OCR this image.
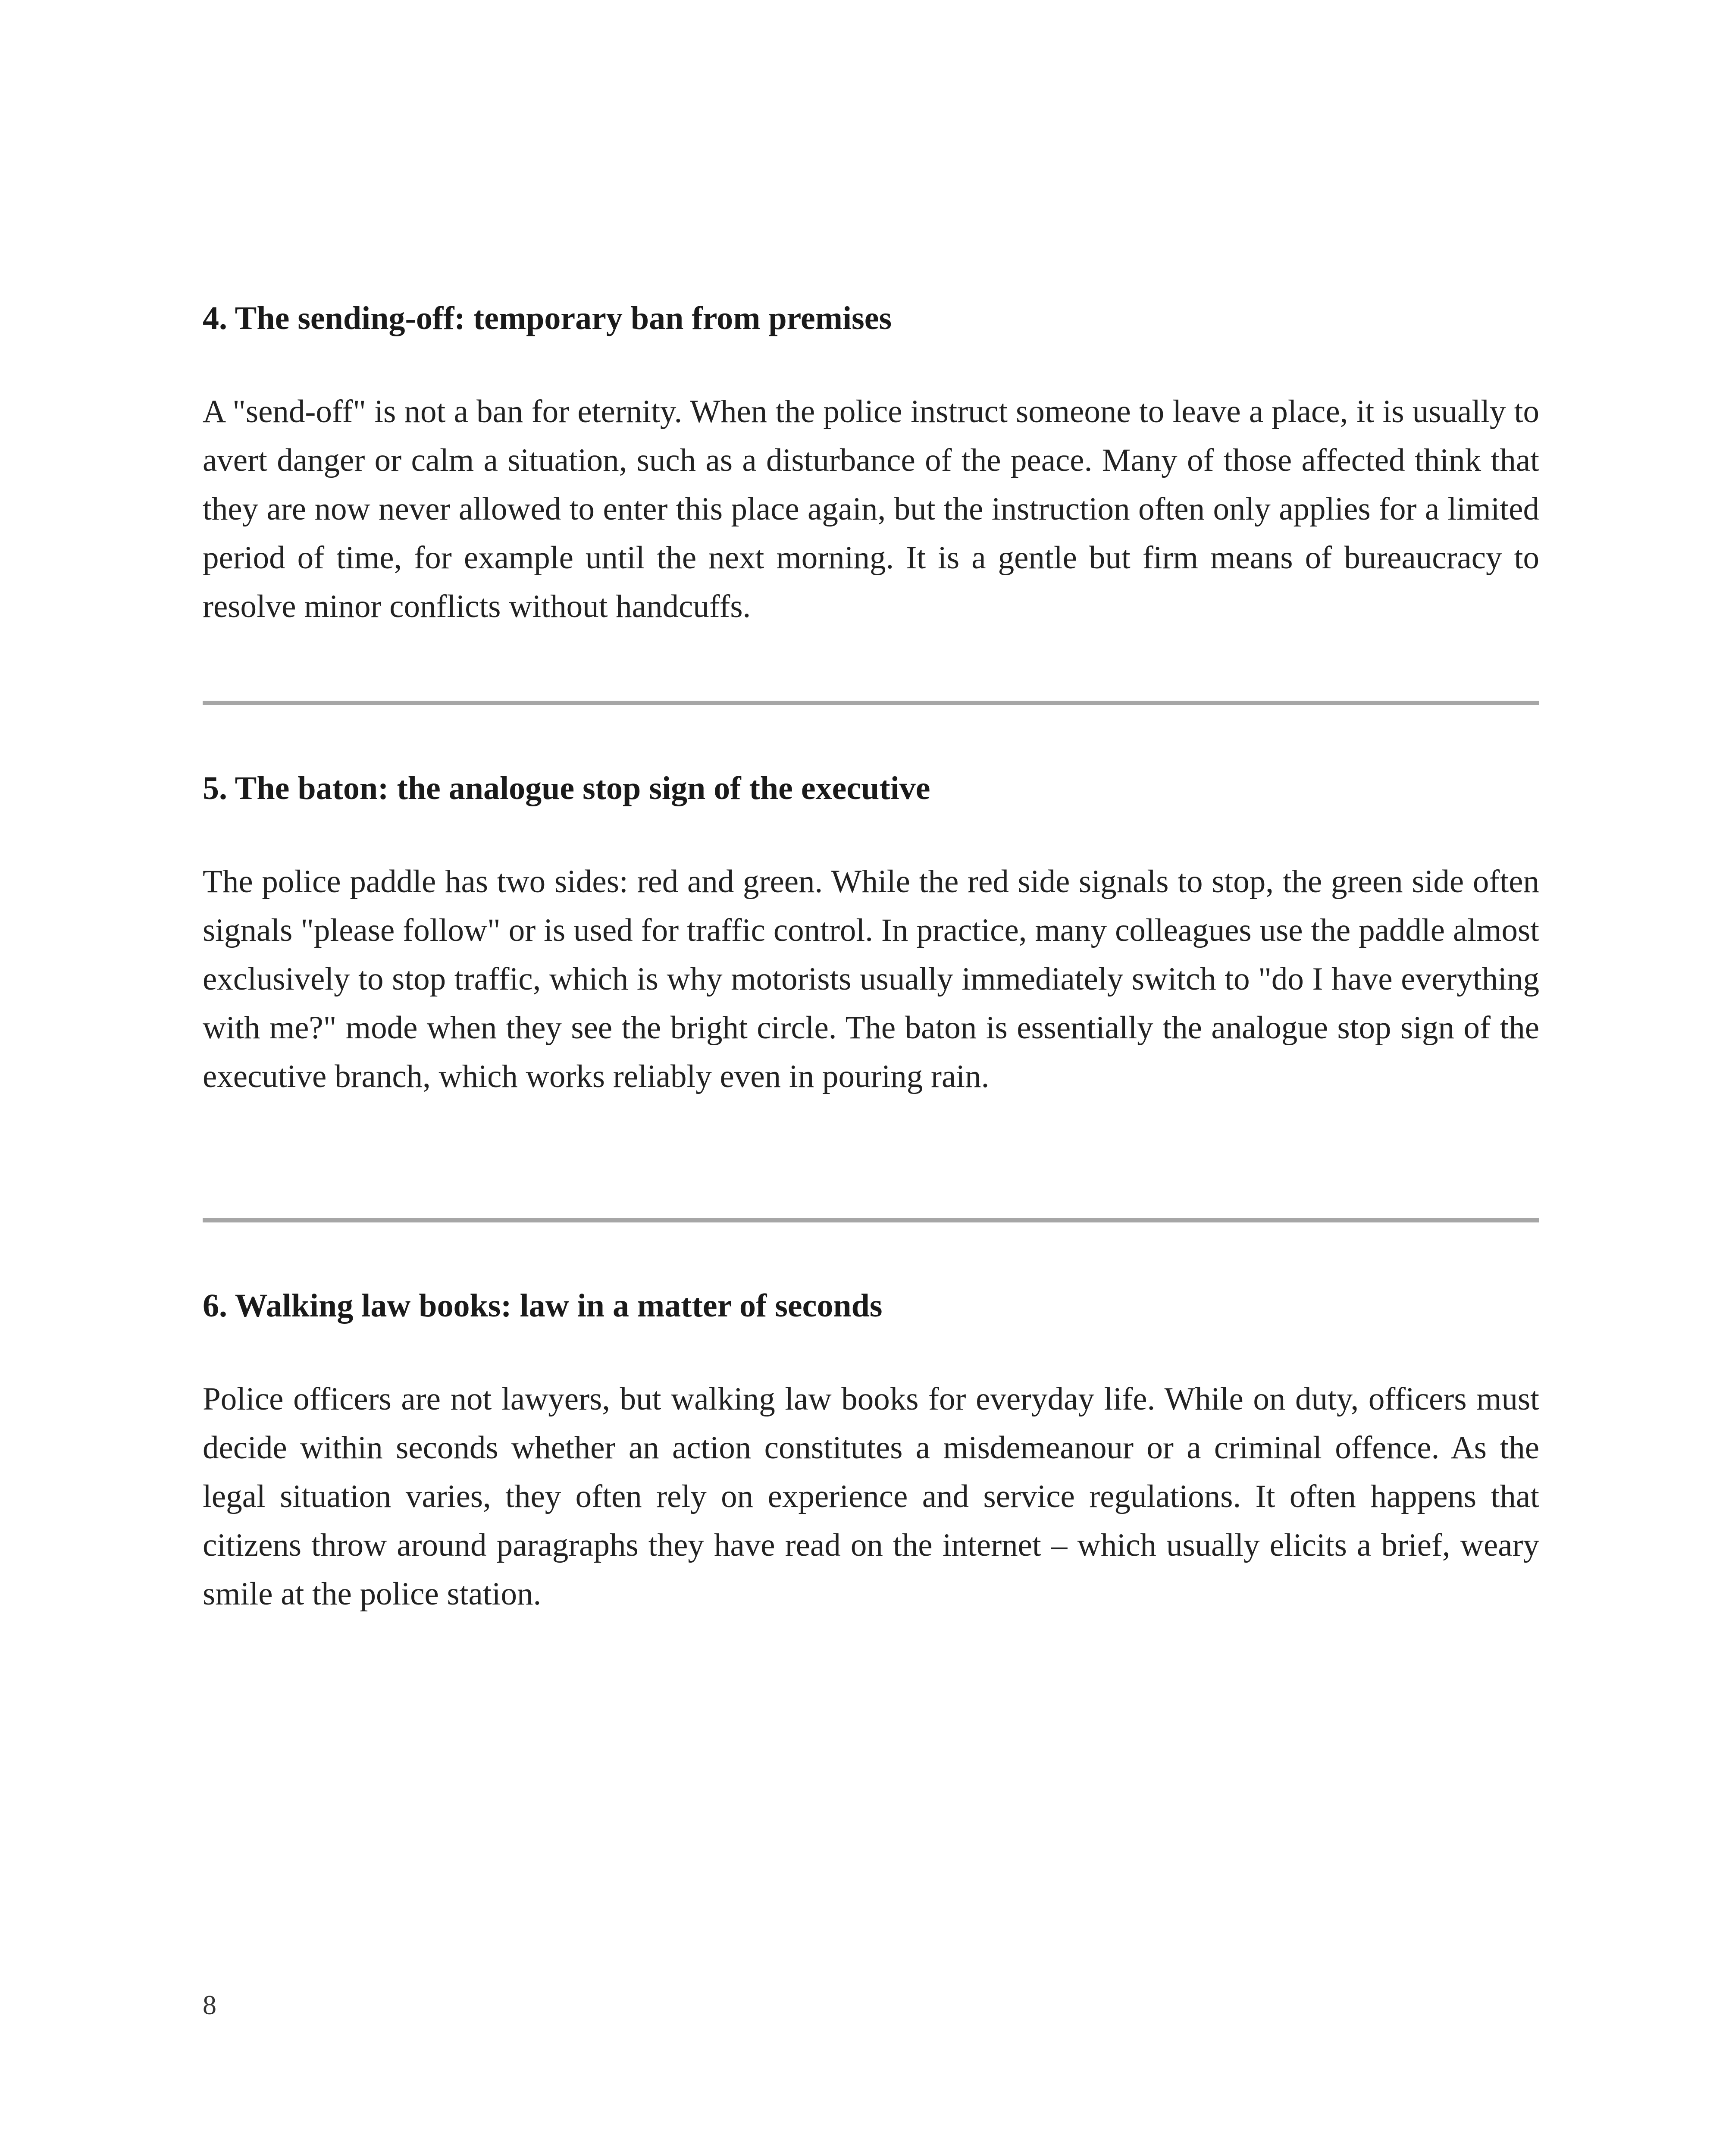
4. The sending-off: temporary ban from premises

A "send-off" is not a ban for eternity. When the police instruct someone to leave a place, it is usually to avert danger or calm a situation, such as a disturbance of the peace. Many of those affected think that they are now never allowed to enter this place again, but the instruction often only applies for a limited period of time, for example until the next morning. It is a gentle but firm means of bureaucracy to resolve minor conflicts without handcuffs.

5. The baton: the analogue stop sign of the executive

The police paddle has two sides: red and green. While the red side signals to stop, the green side often signals "please follow" or is used for traffic control. In practice, many colleagues use the paddle almost exclusively to stop traffic, which is why motorists usually immediately switch to "do I have everything with me?" mode when they see the bright circle. The baton is essentially the analogue stop sign of the executive branch, which works reliably even in pouring rain.

6. Walking law books: law in a matter of seconds

Police officers are not lawyers, but walking law books for everyday life. While on duty, officers must decide within seconds whether an action constitutes a misdemeanour or a criminal offence. As the legal situation varies, they often rely on experience and service regulations. It often happens that citizens throw around paragraphs they have read on the internet – which usually elicits a brief, weary smile at the police station.

8
